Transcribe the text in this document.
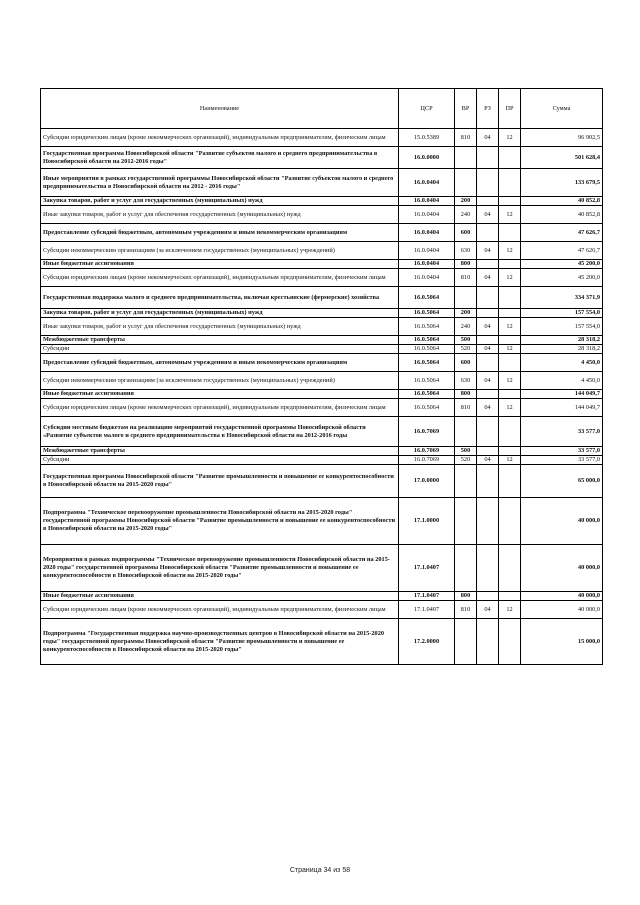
Наименование	ЦСР	ВР	РЗ	ПР	Сумма
Субсидии юридическим лицам (кроме некоммерческих организаций), индивидуальным предпринимателям, физическим лицам	15.0.5389	810	04	12	96 902,5
Государственная программа Новосибирской области "Развитие субъектов малого и среднего предпринимательства в Новосибирской области на 2012-2016 годы"	16.0.0000				501 628,4
Иные мероприятия в рамках государственной программы Новосибирской области "Развитие субъектов малого и среднего предпринимательства в Новосибирской области на 2012 - 2016 годы"	16.0.0404				133 679,5
Закупка товаров, работ и услуг для государственных (муниципальных) нужд	16.0.0404	200			40 852,8
Иные закупки товаров, работ и услуг для обеспечения государственных (муниципальных) нужд	16.0.0404	240	04	12	40 852,8
Предоставление субсидий бюджетным, автономным учреждениям и иным некоммерческим организациям	16.0.0404	600			47 626,7
Субсидии некоммерческим организациям (за исключением государственных (муниципальных) учреждений)	16.0.0404	630	04	12	47 626,7
Иные бюджетные ассигнования	16.0.0404	800			45 200,0
Субсидии юридическим лицам (кроме некоммерческих организаций), индивидуальным предпринимателям, физическим лицам	16.0.0404	810	04	12	45 200,0
Государственная поддержка малого и среднего предпринимательства, включая крестьянские (фермерские) хозяйства	16.0.5064				334 371,9
Закупка товаров, работ и услуг для государственных (муниципальных) нужд	16.0.5064	200			157 554,0
Иные закупки товаров, работ и услуг для обеспечения государственных (муниципальных) нужд	16.0.5064	240	04	12	157 554,0
Межбюджетные трансферты	16.0.5064	500			28 318,2
Субсидии	16.0.5064	520	04	12	28 318,2
Предоставление субсидий бюджетным, автономным учреждениям и иным некоммерческим организациям	16.0.5064	600			4 450,0
Субсидии некоммерческим организациям (за исключением государственных (муниципальных) учреждений)	16.0.5064	630	04	12	4 450,0
Иные бюджетные ассигнования	16.0.5064	800			144 049,7
Субсидии юридическим лицам (кроме некоммерческих организаций), индивидуальным предпринимателям, физическим лицам	16.0.5064	810	04	12	144 049,7
Субсидии местным бюджетам на реализацию мероприятий государственной программы Новосибирской области «Развитие субъектов малого и среднего предпринимательства в Новосибирской области на 2012-2016 годы	16.0.7069				33 577,0
Межбюджетные трансферты	16.0.7069	500			33 577,0
Субсидии	16.0.7069	520	04	12	33 577,0
Государственная программа Новосибирской области "Развитие промышленности и повышение ее конкурентоспособности в Новосибирской области на 2015-2020 годы"	17.0.0000				65 000,0
Подпрограмма "Техническое перевооружение промышленности Новосибирской области на 2015-2020 годы" государственной программы Новосибирской области "Развитие промышленности и повышение ее конкурентоспособности в Новосибирской области на 2015-2020 годы"	17.1.0000				40 000,0
Мероприятия в рамках подпрограммы "Техническое перевооружение промышленности Новосибирской области на 2015-2020 годы" государственной программы Новосибирской области "Развитие промышленности и повышение ее конкурентоспособности в Новосибирской области на 2015-2020 годы"	17.1.0407				40 000,0
Иные бюджетные ассигнования	17.1.0407	800			40 000,0
Субсидии юридическим лицам (кроме некоммерческих организаций), индивидуальным предпринимателям, физическим лицам	17.1.0407	810	04	12	40 000,0
Подпрограмма "Государственная поддержка научно-производственных центров в Новосибирской области на 2015-2020 годы" государственной программы Новосибирской области "Развитие промышленности и повышение ее конкурентоспособности в Новосибирской области на 2015-2020 годы"	17.2.0000				15 000,0
Страница 34 из 58
